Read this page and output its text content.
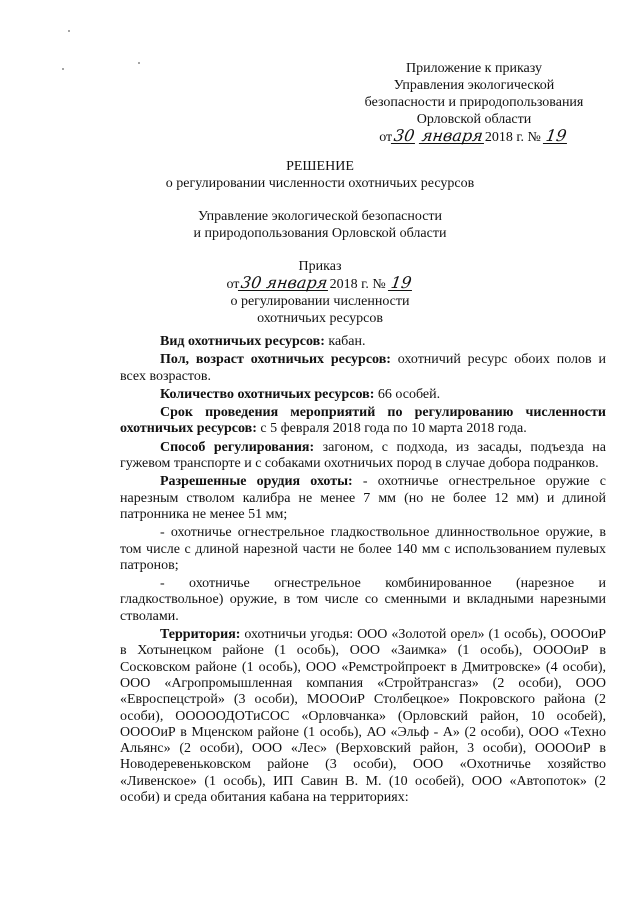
Приложение к приказу
Управления экологической
безопасности и природопользования
Орловской области
от30 января2018 г. № 19
РЕШЕНИЕ
о регулировании численности охотничьих ресурсов
Управление экологической безопасности
и природопользования Орловской области
Приказ
от30 января2018 г. № 19
о регулировании численности
охотничьих ресурсов

Вид охотничьих ресурсов: кабан.

Пол, возраст охотничьих ресурсов: охотничий ресурс обоих полов и всех возрастов.

Количество охотничьих ресурсов: 66 особей.

Срок проведения мероприятий по регулированию численности охотничьих ресурсов: с 5 февраля 2018 года по 10 марта 2018 года.

Способ регулирования: загоном, с подхода, из засады, подъезда на гужевом транспорте и с собаками охотничьих пород в случае добора подранков.

Разрешенные орудия охоты: - охотничье огнестрельное оружие с нарезным стволом калибра не менее 7 мм (но не более 12 мм) и длиной патронника не менее 51 мм;

- охотничье огнестрельное гладкоствольное длинноствольное оружие, в том числе с длиной нарезной части не более 140 мм с использованием пулевых патронов;

- охотничье огнестрельное комбинированное (нарезное и гладкоствольное) оружие, в том числе со сменными и вкладными нарезными стволами.

Территория: охотничьи угодья: ООО «Золотой орел» (1 особь), ООООиР в Хотынецком районе (1 особь), ООО «Заимка» (1 особь), ООООиР в Сосковском районе (1 особь), ООО «Ремстройпроект в Дмитровске» (4 особи), ООО «Агропромышленная компания «Стройтрансгаз» (2 особи), ООО «Евроспецстрой» (3 особи), МОООиР Столбецкое» Покровского района (2 особи), ОООООДОТиСОС «Орловчанка» (Орловский район, 10 особей), ООООиР в Мценском районе (1 особь), АО «Эльф - А» (2 особи), ООО «Техно Альянс» (2 особи), ООО «Лес» (Верховский район, 3 особи), ООООиР в Новодеревеньковском районе (3 особи), ООО «Охотничье хозяйство «Ливенское» (1 особь), ИП Савин В. М. (10 особей), ООО «Автопоток» (2 особи) и среда обитания кабана на территориях:
